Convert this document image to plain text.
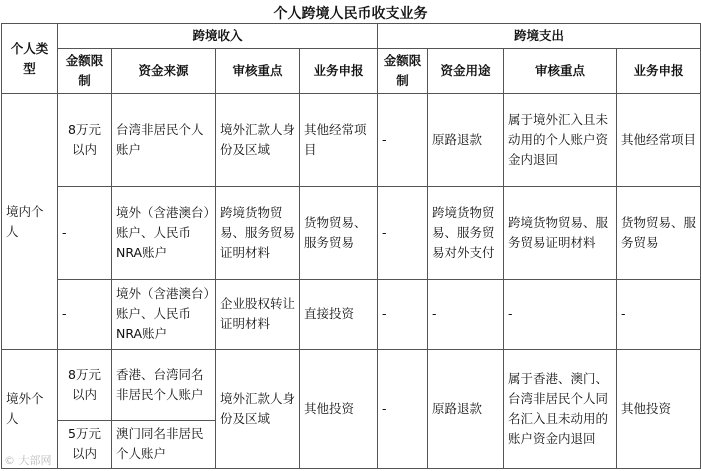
个人跨境人民币收支业务
个人类型	跨境收入				跨境支出			
	金额限制	资金来源	审核重点	业务申报	金额限制	资金用途	审核重点	业务申报
境内个人	8万元以内	台湾非居民个人账户	境外汇款人身份及区域	其他经常项目	-	原路退款	属于境外汇入且未动用的个人账户资金内退回	其他经常项目
	-	境外（含港澳台）账户、人民币 NRA账户	跨境货物贸易、服务贸易证明材料	货物贸易、服务贸易	-	跨境货物贸易、服务贸易对外支付	跨境货物贸易、服务贸易证明材料	货物贸易、服务贸易
	-	境外（含港澳台）账户、人民币 NRA账户	企业股权转让证明材料	直接投资	-	-	-	-
境外个人	8万元以内	香港、台湾同名非居民个人账户	境外汇款人身份及区域	其他投资	-	原路退款	属于香港、澳门、台湾非居民个人同名汇入且未动用的账户资金内退回	其他投资
	5万元以内	澳门同名非居民个人账户						
© 大部网
